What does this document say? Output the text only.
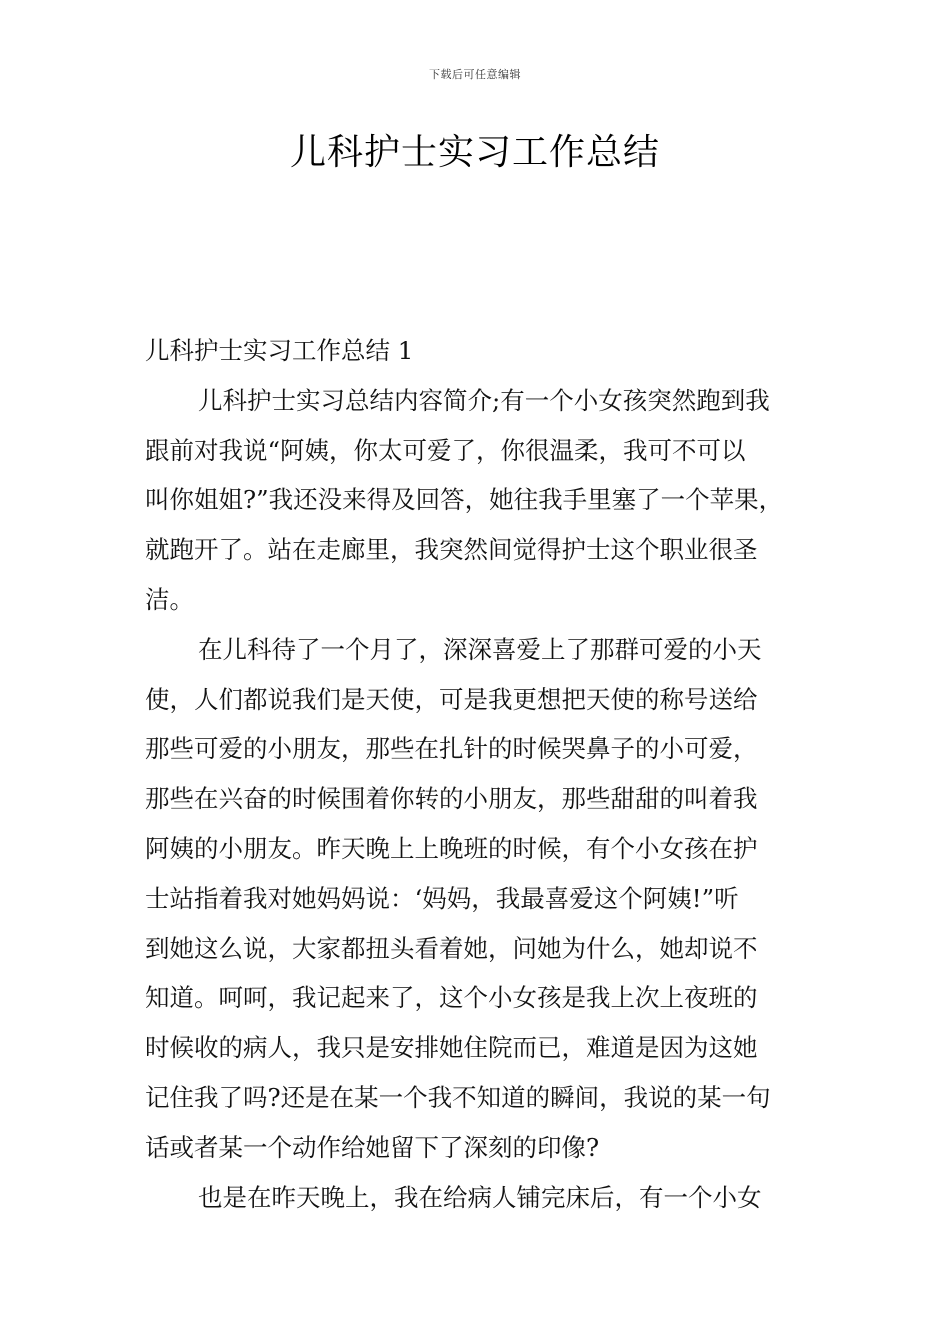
下载后可任意编辑
儿科护士实习工作总结
儿科护士实习工作总结 1
儿科护士实习总结内容简介;有一个小女孩突然跑到我
跟前对我说“阿姨，你太可爱了，你很温柔，我可不可以
叫你姐姐?”我还没来得及回答，她往我手里塞了一个苹果，
就跑开了。站在走廊里，我突然间觉得护士这个职业很圣
洁。
在儿科待了一个月了，深深喜爱上了那群可爱的小天
使，人们都说我们是天使，可是我更想把天使的称号送给
那些可爱的小朋友，那些在扎针的时候哭鼻子的小可爱，
那些在兴奋的时候围着你转的小朋友，那些甜甜的叫着我
阿姨的小朋友。昨天晚上上晚班的时候，有个小女孩在护
士站指着我对她妈妈说：‘妈妈，我最喜爱这个阿姨!”听
到她这么说，大家都扭头看着她，问她为什么，她却说不
知道。呵呵，我记起来了，这个小女孩是我上次上夜班的
时候收的病人，我只是安排她住院而已，难道是因为这她
记住我了吗?还是在某一个我不知道的瞬间，我说的某一句
话或者某一个动作给她留下了深刻的印像?
也是在昨天晚上，我在给病人铺完床后，有一个小女
